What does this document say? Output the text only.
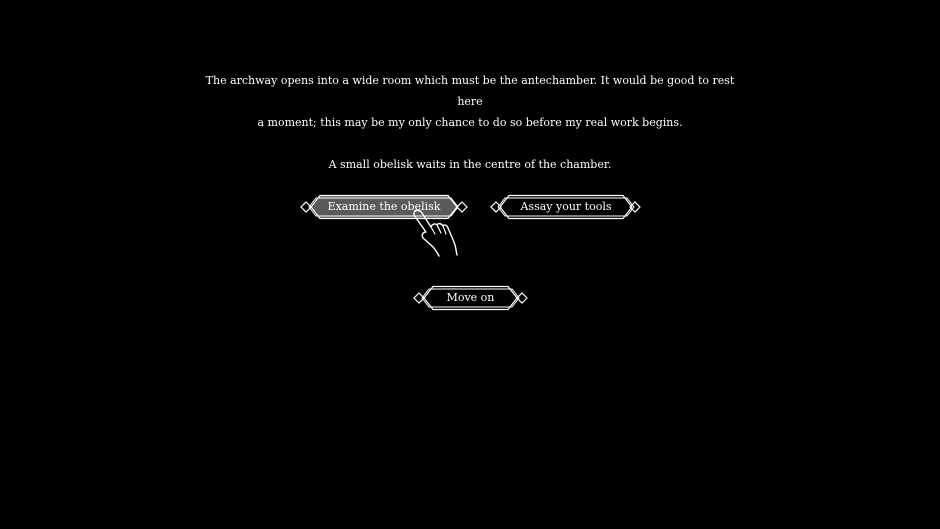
The archway opens into a wide room which must be the antechamber. It would be good to rest here

a moment; this may be my only chance to do so before my real work begins.

A small obelisk waits in the centre of the chamber.

Examine the obelisk	Assay your tools
Move on
